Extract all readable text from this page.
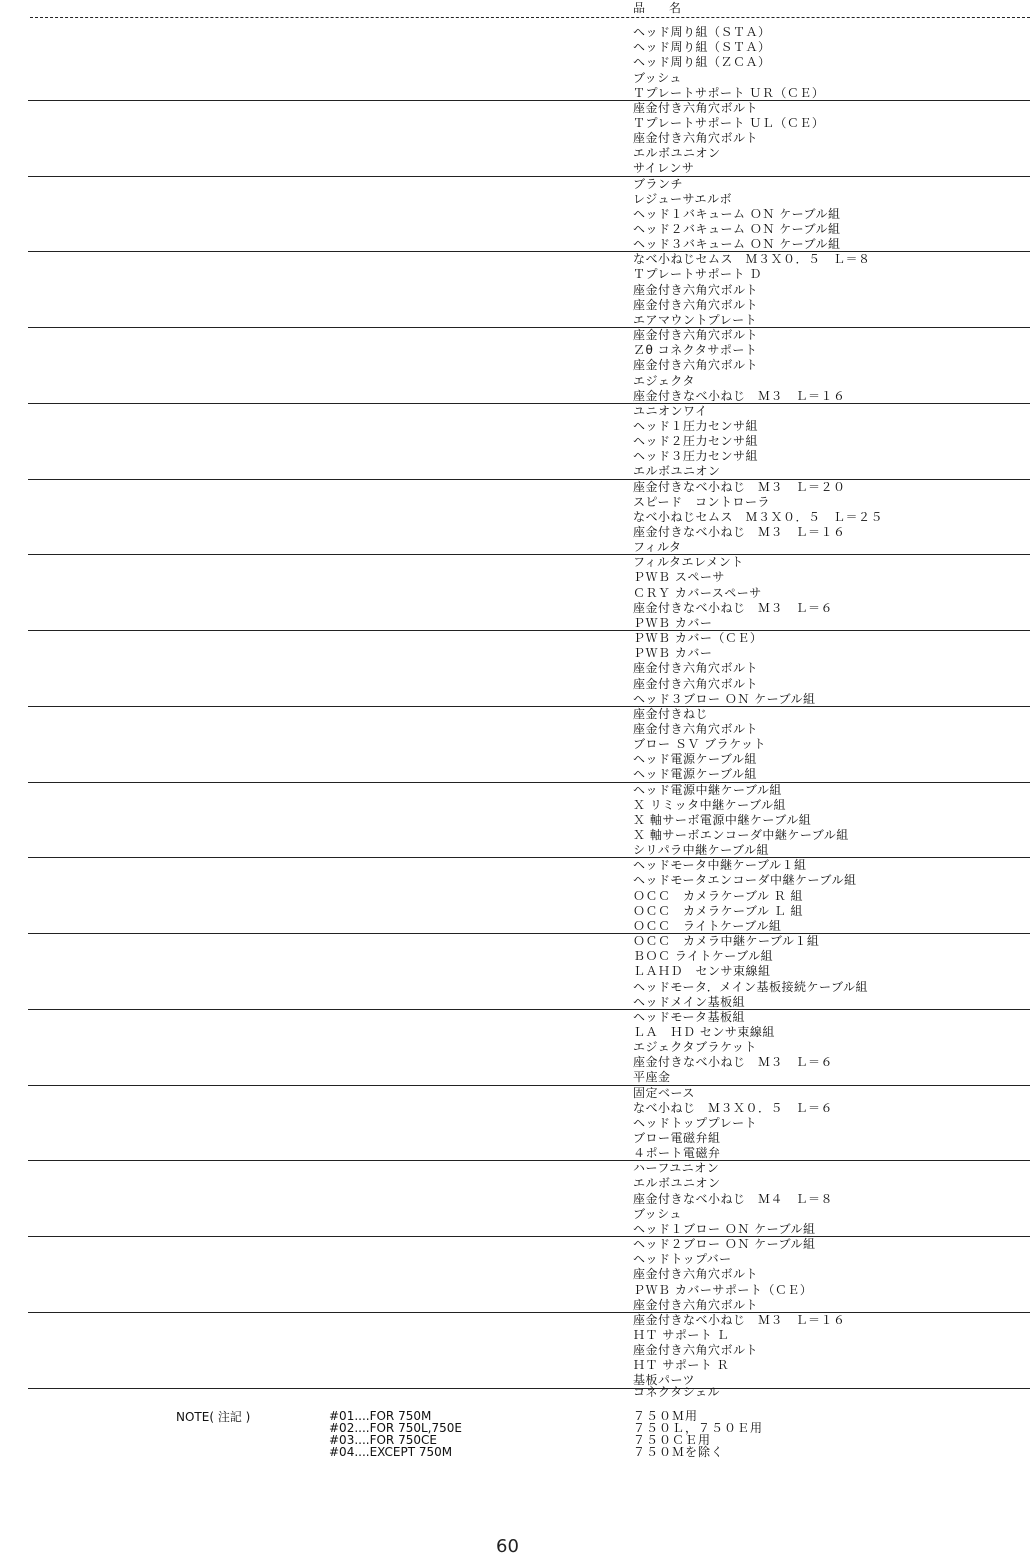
品　名
ヘッド周り組（ＳＴＡ）
ヘッド周り組（ＳＴＡ）
ヘッド周り組（ＺＣＡ）
ブッシュ
Ｔプレートサポート ＵＲ（ＣＥ）
座金付き六角穴ボルト
Ｔプレートサポート ＵＬ（ＣＥ）
座金付き六角穴ボルト
エルボユニオン
サイレンサ
ブランチ
レジューサエルボ
ヘッド１バキューム ＯＮ ケーブル組
ヘッド２バキューム ＯＮ ケーブル組
ヘッド３バキューム ＯＮ ケーブル組
なべ小ねじセムス　Ｍ３Ｘ０．５　Ｌ＝８
Ｔプレートサポート Ｄ
座金付き六角穴ボルト
座金付き六角穴ボルト
エアマウントプレート
座金付き六角穴ボルト
Ｚθ コネクタサポート
座金付き六角穴ボルト
エジェクタ
座金付きなべ小ねじ　Ｍ３　Ｌ＝１６
ユニオンワイ
ヘッド１圧力センサ組
ヘッド２圧力センサ組
ヘッド３圧力センサ組
エルボユニオン
座金付きなべ小ねじ　Ｍ３　Ｌ＝２０
スピード　コントローラ
なべ小ねじセムス　Ｍ３Ｘ０．５　Ｌ＝２５
座金付きなべ小ねじ　Ｍ３　Ｌ＝１６
フィルタ
フィルタエレメント
ＰＷＢ スペーサ
ＣＲＹ カバースペーサ
座金付きなべ小ねじ　Ｍ３　Ｌ＝６
ＰＷＢ カバー
ＰＷＢ カバー（ＣＥ）
ＰＷＢ カバー
座金付き六角穴ボルト
座金付き六角穴ボルト
ヘッド３ブロー ＯＮ ケーブル組
座金付きねじ
座金付き六角穴ボルト
ブロー ＳＶ ブラケット
ヘッド電源ケーブル組
ヘッド電源ケーブル組
ヘッド電源中継ケーブル組
Ｘ リミッタ中継ケーブル組
Ｘ 軸サーボ電源中継ケーブル組
Ｘ 軸サーボエンコーダ中継ケーブル組
シリパラ中継ケーブル組
ヘッドモータ中継ケーブル１組
ヘッドモータエンコーダ中継ケーブル組
ＯＣＣ　カメラケーブル Ｒ 組
ＯＣＣ　カメラケーブル Ｌ 組
ＯＣＣ　ライトケーブル組
ＯＣＣ　カメラ中継ケーブル１組
ＢＯＣ ライトケーブル組
ＬＡＨＤ　センサ束線組
ヘッドモータ．メイン基板接続ケーブル組
ヘッドメイン基板組
ヘッドモータ基板組
ＬＡ　ＨＤ センサ束線組
エジェクタブラケット
座金付きなべ小ねじ　Ｍ３　Ｌ＝６
平座金
固定ベース
なべ小ねじ　Ｍ３Ｘ０．５　Ｌ＝６
ヘッドトッププレート
ブロー電磁弁組
４ポート電磁弁
ハーフユニオン
エルボユニオン
座金付きなべ小ねじ　Ｍ４　Ｌ＝８
ブッシュ
ヘッド１ブロー ＯＮ ケーブル組
ヘッド２ブロー ＯＮ ケーブル組
ヘッドトップバー
座金付き六角穴ボルト
ＰＷＢ カバーサポート（ＣＥ）
座金付き六角穴ボルト
座金付きなべ小ねじ　Ｍ３　Ｌ＝１６
ＨＴ サポート Ｌ
座金付き六角穴ボルト
ＨＴ サポート Ｒ
基板パーツ
コネクタシェル
NOTE( 注記 )	#01....FOR 750M
#02....FOR 750L,750E
#03....FOR 750CE
#04....EXCEPT 750M
７５０Ｍ用
７５０Ｌ，７５０Ｅ用
７５０ＣＥ用
７５０Ｍを除く
60
